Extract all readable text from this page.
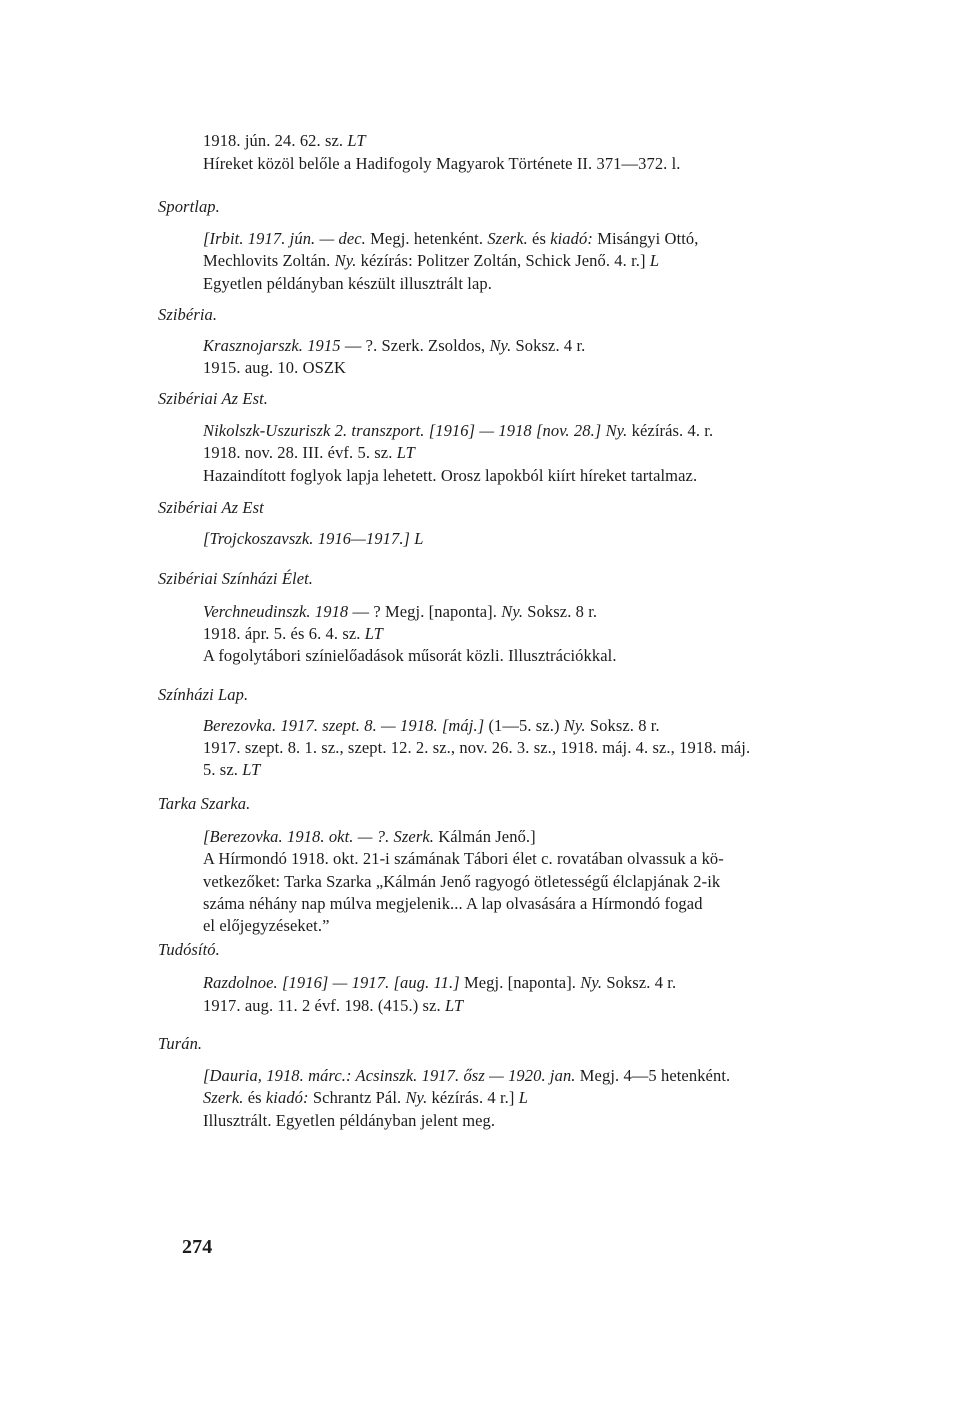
1918. jún. 24. 62. sz. LT
Híreket közöl belőle a Hadifogoly Magyarok Története II. 371—372. l.
Sportlap.
[Irbit. 1917. jún. — dec. Megj. hetenként. Szerk. és kiadó: Misángyi Ottó,
Mechlovits Zoltán. Ny. kézírás: Politzer Zoltán, Schick Jenő. 4. r.] L
Egyetlen példányban készült illusztrált lap.
Szibéria.
Krasznojarszk. 1915 — ?. Szerk. Zsoldos, Ny. Soksz. 4 r.
1915. aug. 10. OSZK
Szibériai Az Est.
Nikolszk-Uszuriszk 2. transzport. [1916] — 1918 [nov. 28.] Ny. kézírás. 4. r.
1918. nov. 28. III. évf. 5. sz. LT
Hazaindított foglyok lapja lehetett. Orosz lapokból kiírt híreket tartalmaz.
Szibériai Az Est
[Trojckoszavszk. 1916—1917.] L
Szibériai Színházi Élet.
Verchneudinszk. 1918 — ? Megj. [naponta]. Ny. Soksz. 8 r.
1918. ápr. 5. és 6. 4. sz. LT
A fogolytábori színielőadások műsorát közli. Illusztrációkkal.
Színházi Lap.
Berezovka. 1917. szept. 8. — 1918. [máj.] (1—5. sz.) Ny. Soksz. 8 r.
1917. szept. 8. 1. sz., szept. 12. 2. sz., nov. 26. 3. sz., 1918. máj. 4. sz., 1918. máj.
5. sz. LT
Tarka Szarka.
[Berezovka. 1918. okt. — ?. Szerk. Kálmán Jenő.]
A Hírmondó 1918. okt. 21-i számának Tábori élet c. rovatában olvassuk a kö-
vetkezőket: Tarka Szarka „Kálmán Jenő ragyogó ötletességű élclapjának 2-ik
száma néhány nap múlva megjelenik... A lap olvasására a Hírmondó fogad
el előjegyzéseket.”
Tudósító.
Razdolnoe. [1916] — 1917. [aug. 11.] Megj. [naponta]. Ny. Soksz. 4 r.
1917. aug. 11. 2 évf. 198. (415.) sz. LT
Turán.
[Dauria, 1918. márc.: Acsinszk. 1917. ősz — 1920. jan. Megj. 4—5 hetenként.
Szerk. és kiadó: Schrantz Pál. Ny. kézírás. 4 r.] L
Illusztrált. Egyetlen példányban jelent meg.
274
